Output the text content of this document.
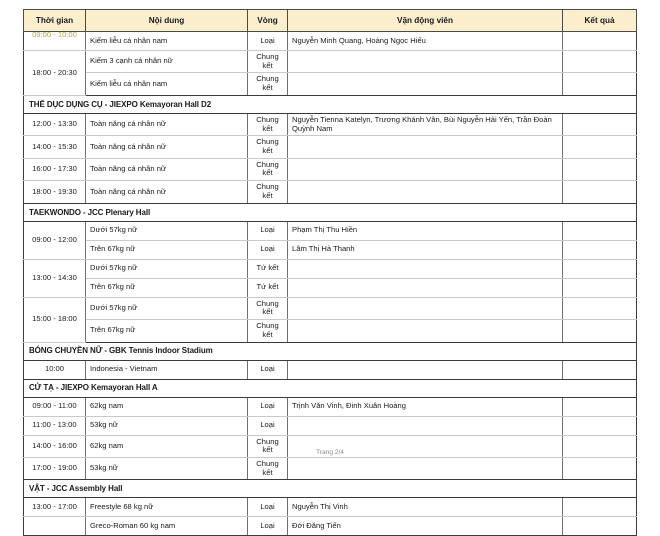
Thời gian	Nội dung	Vòng	Vận động viên	Kết quả

09:00 - 10:00	Kiếm liễu cá nhân nam	Loại	Nguyễn Minh Quang, Hoàng Ngọc Hiếu	
18:00 - 20:30	Kiếm 3 cạnh cá nhân nữ	Chung kết		
	Kiếm liễu cá nhân nam	Chung kết		
THỂ DỤC DỤNG CỤ - JIEXPO Kemayoran Hall D2				
12:00 - 13:30	Toàn năng cá nhân nữ	Chung kết	Nguyễn Tienna Katelyn, Trương Khánh Vân, Bùi Nguyễn Hải Yến, Trần Đoàn Quỳnh Nam	
14:00 - 15:30	Toàn năng cá nhân nữ	Chung kết		
16:00 - 17:30	Toàn năng cá nhân nữ	Chung kết		
18:00 - 19:30	Toàn năng cá nhân nữ	Chung kết		
TAEKWONDO - JCC Plenary Hall				
09:00 - 12:00	Dưới 57kg nữ	Loại	Phạm Thị Thu Hiền	
	Trên 67kg nữ	Loại	Lâm Thị Hà Thanh	
13:00 - 14:30	Dưới 57kg nữ	Tứ kết		
	Trên 67kg nữ	Tứ kết		
15:00 - 18:00	Dưới 57kg nữ	Chung kết		
	Trên 67kg nữ	Chung kết		
BÓNG CHUYỀN NỮ - GBK Tennis Indoor Stadium				
10:00	Indonesia - Vietnam	Loại		
CỬ TẠ - JIEXPO Kemayoran Hall A				
09:00 - 11:00	62kg nam	Loại	Trịnh Văn Vinh, Đinh Xuân Hoàng	
11:00 - 13:00	53kg nữ	Loại		
14:00 - 16:00	62kg nam	Chung kết		
17:00 - 19:00	53kg nữ	Chung kết		
VẬT - JCC Assembly Hall				
13:00 - 17:00	Freestyle 68 kg nữ	Loại	Nguyễn Thị Vinh	
	Greco-Roman 60 kg nam	Loại	Đới Đăng Tiến	
Trang 2/4
